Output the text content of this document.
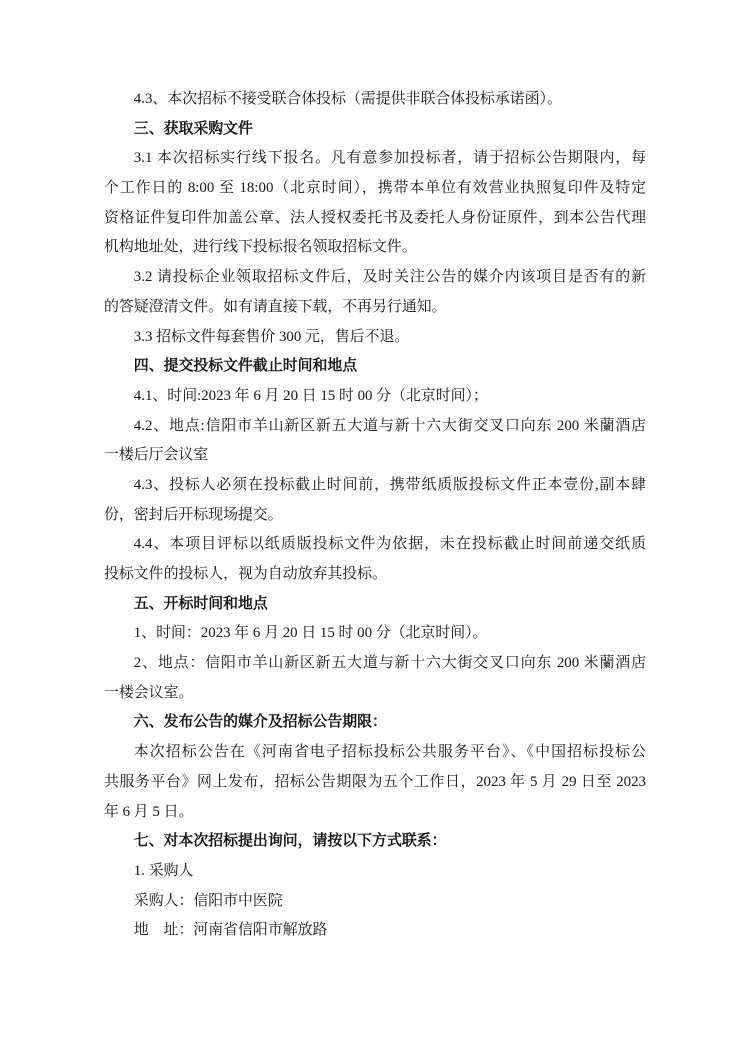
4.3、本次招标不接受联合体投标（需提供非联合体投标承诺函）。
三、获取采购文件
3.1 本次招标实行线下报名。凡有意参加投标者，请于招标公告期限内，每
个工作日的 8:00 至 18:00（北京时间），携带本单位有效营业执照复印件及特定
资格证件复印件加盖公章、法人授权委托书及委托人身份证原件，到本公告代理
机构地址处，进行线下投标报名领取招标文件。
3.2 请投标企业领取招标文件后，及时关注公告的媒介内该项目是否有的新
的答疑澄清文件。如有请直接下载，不再另行通知。
3.3 招标文件每套售价 300 元，售后不退。
四、提交投标文件截止时间和地点
4.1、时间:2023 年 6 月 20 日 15 时 00 分（北京时间）；
4.2、地点:信阳市羊山新区新五大道与新十六大街交叉口向东 200 米蘭酒店
一楼后厅会议室
4.3、投标人必须在投标截止时间前，携带纸质版投标文件正本壹份,副本肆
份，密封后开标现场提交。
4.4、本项目评标以纸质版投标文件为依据，未在投标截止时间前递交纸质
投标文件的投标人，视为自动放弃其投标。
五、开标时间和地点
1、时间：2023 年 6 月 20 日 15 时 00 分（北京时间）。
2、地点：信阳市羊山新区新五大道与新十六大街交叉口向东 200 米蘭酒店
一楼会议室。
六、发布公告的媒介及招标公告期限：
本次招标公告在《河南省电子招标投标公共服务平台》、《中国招标投标公
共服务平台》网上发布，招标公告期限为五个工作日，2023 年 5 月 29 日至 2023
年 6 月 5 日。
七、对本次招标提出询问，请按以下方式联系：
1. 采购人
采购人：信阳市中医院
地　址：河南省信阳市解放路
